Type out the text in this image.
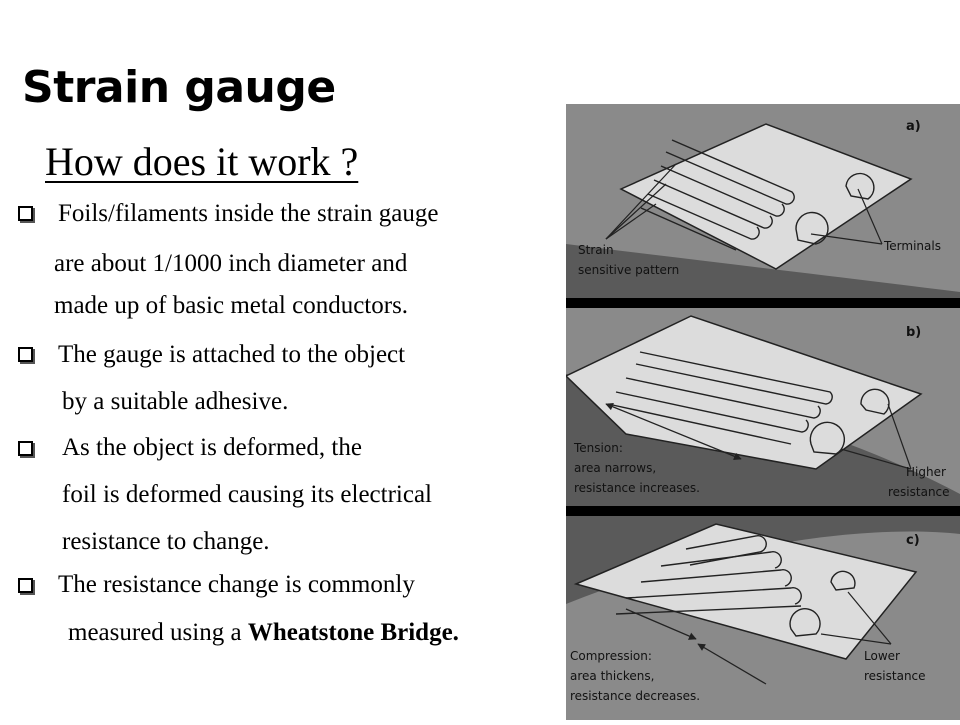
Strain gauge
How does it work ?
Foils/filaments inside the strain gauge
are about 1/1000 inch diameter and
made up of basic metal conductors.
The gauge is attached to the object
by a suitable adhesive.
As the object is deformed, the
foil is deformed causing its electrical
resistance to change.
The resistance change is commonly
measured using a Wheatstone Bridge.
a)
Strain
sensitive pattern
Terminals
b)
Tension:
area narrows,
resistance increases.
Higher
resistance
c)
Compression:
area thickens,
resistance decreases.
Lower
resistance
